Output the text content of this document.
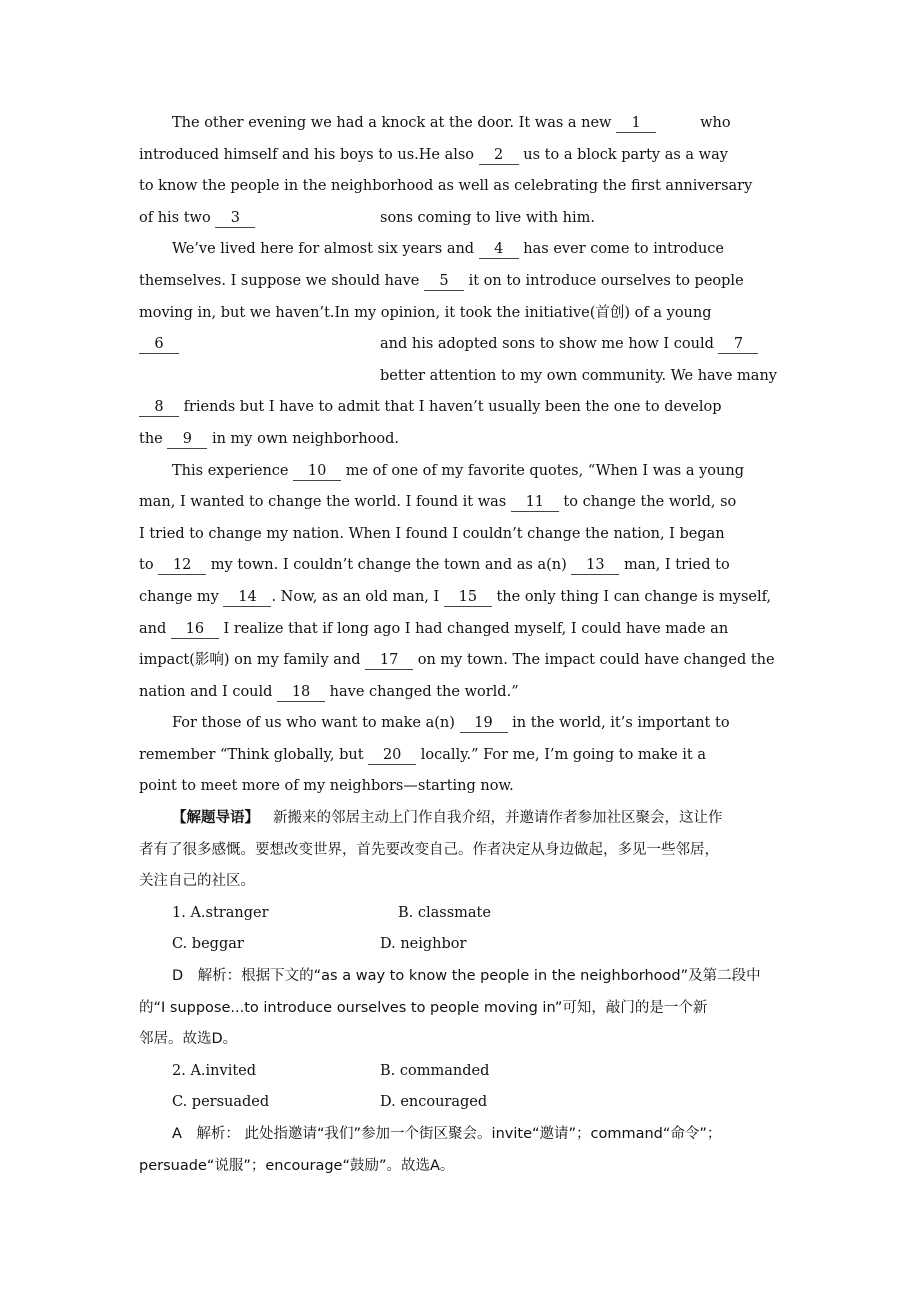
The other evening we had a knock at the door. It was a new 1	who
introduced himself and his boys to us.He also 2 us to a block party as a way
to know the people in the neighborhood as well as celebrating the first anniversary
of his two 3	sons coming to live with him.
We’ve lived here for almost six years and 4 has ever come to introduce
themselves. I suppose we should have 5 it on to introduce ourselves to people
moving in, but we haven’t.In my opinion, it took the initiative(首创) of a young
6	and his adopted sons to show me how I could 7
better attention to my own community. We have many
8 friends but I have to admit that I haven’t usually been the one to develop
the 9 in my own neighborhood.
This experience 10 me of one of my favorite quotes, “When I was a young
man, I wanted to change the world. I found it was 11 to change the world, so
I tried to change my nation. When I found I couldn’t change the nation, I began
to 12 my town. I couldn’t change the town and as a(n) 13 man, I tried to
change my 14 . Now, as an old man, I 15 the only thing I can change is myself,
and 16 I realize that if long ago I had changed myself, I could have made an
impact(影响) on my family and 17 on my town. The impact could have changed the
nation and I could 18 have changed the world.”
For those of us who want to make a(n) 19 in the world, it’s important to
remember “Think globally, but 20 locally.” For me, I’m going to make it a
point to meet more of my neighbors—starting now.
【解题导语】 新搬来的邻居主动上门作自我介绍，并邀请作者参加社区聚会，这让作
者有了很多感慨。要想改变世界，首先要改变自己。作者决定从身边做起，多见一些邻居，
关注自己的社区。
1. A.stranger	B. classmate
C. beggar	D. neighbor
D　解析：根据下文的“as a way to know the people in the neighborhood”及第二段中
的“I suppose...to introduce ourselves to people moving in”可知，敲门的是一个新
邻居。故选D。
2. A.invited	B. commanded
C. persuaded	D. encouraged
A　解析： 此处指邀请“我们”参加一个街区聚会。invite“邀请”；command“命令”；
persuade“说服”；encourage“鼓励”。故选A。
